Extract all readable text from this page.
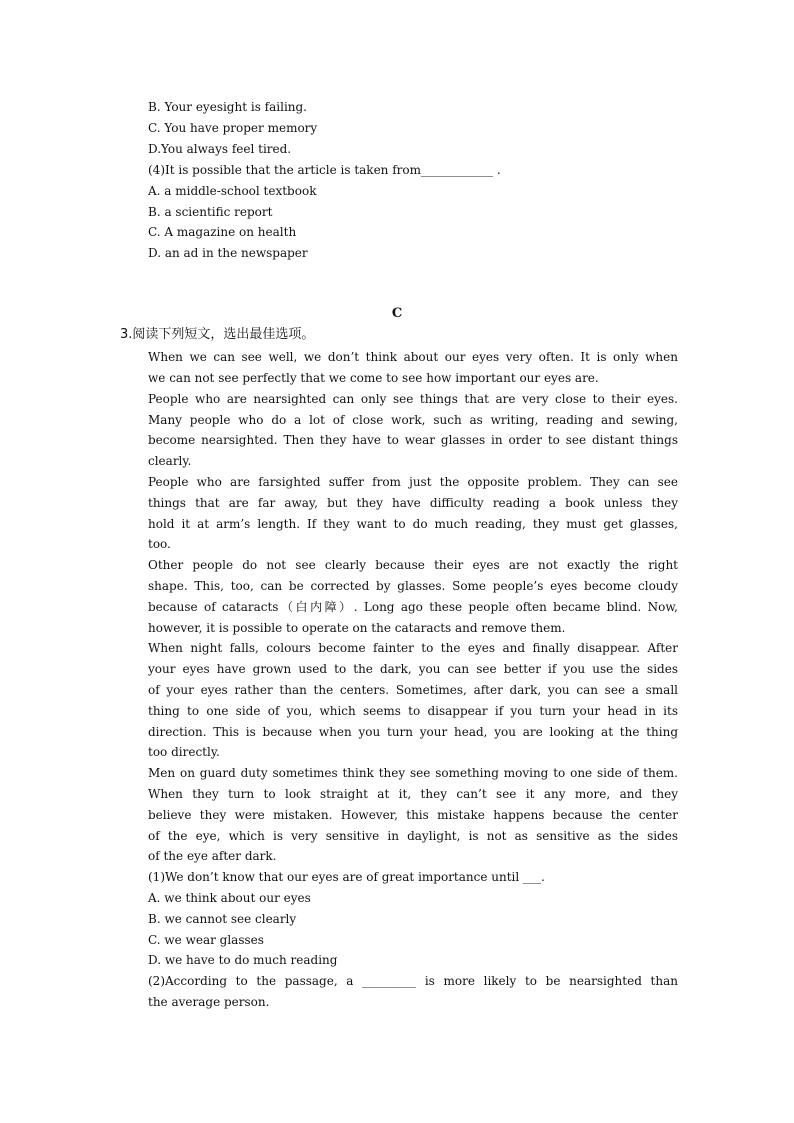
B. Your eyesight is failing.
C. You have proper memory
D.You always feel tired.
(4)It is possible that the article is taken from____________ .
A. a middle-school textbook
B. a scientific report
C. A magazine on health
D. an ad in the newspaper
C
3.阅读下列短文，选出最佳选项。
When we can see well, we don’t think about our eyes very often. It is only when
we can not see perfectly that we come to see how important our eyes are.
People who are nearsighted can only see things that are very close to their eyes.
Many people who do a lot of close work, such as writing, reading and sewing,
become nearsighted. Then they have to wear glasses in order to see distant things
clearly.
People who are farsighted suffer from just the opposite problem. They can see
things that are far away, but they have difficulty reading a book unless they
hold it at arm’s length. If they want to do much reading, they must get glasses,
too.
Other people do not see clearly because their eyes are not exactly the right
shape. This, too, can be corrected by glasses. Some people’s eyes become cloudy
because of cataracts（白内障）. Long ago these people often became blind. Now,
however, it is possible to operate on the cataracts and remove them.
When night falls, colours become fainter to the eyes and finally disappear. After
your eyes have grown used to the dark, you can see better if you use the sides
of your eyes rather than the centers. Sometimes, after dark, you can see a small
thing to one side of you, which seems to disappear if you turn your head in its
direction. This is because when you turn your head, you are looking at the thing
too directly.
Men on guard duty sometimes think they see something moving to one side of them.
When they turn to look straight at it, they can’t see it any more, and they
believe they were mistaken. However, this mistake happens because the center
of the eye, which is very sensitive in daylight, is not as sensitive as the sides
of the eye after dark.
(1)We don’t know that our eyes are of great importance until ___.
A. we think about our eyes
B. we cannot see clearly
C. we wear glasses
D. we have to do much reading
(2)According to the passage, a _________ is more likely to be nearsighted than
the average person.
